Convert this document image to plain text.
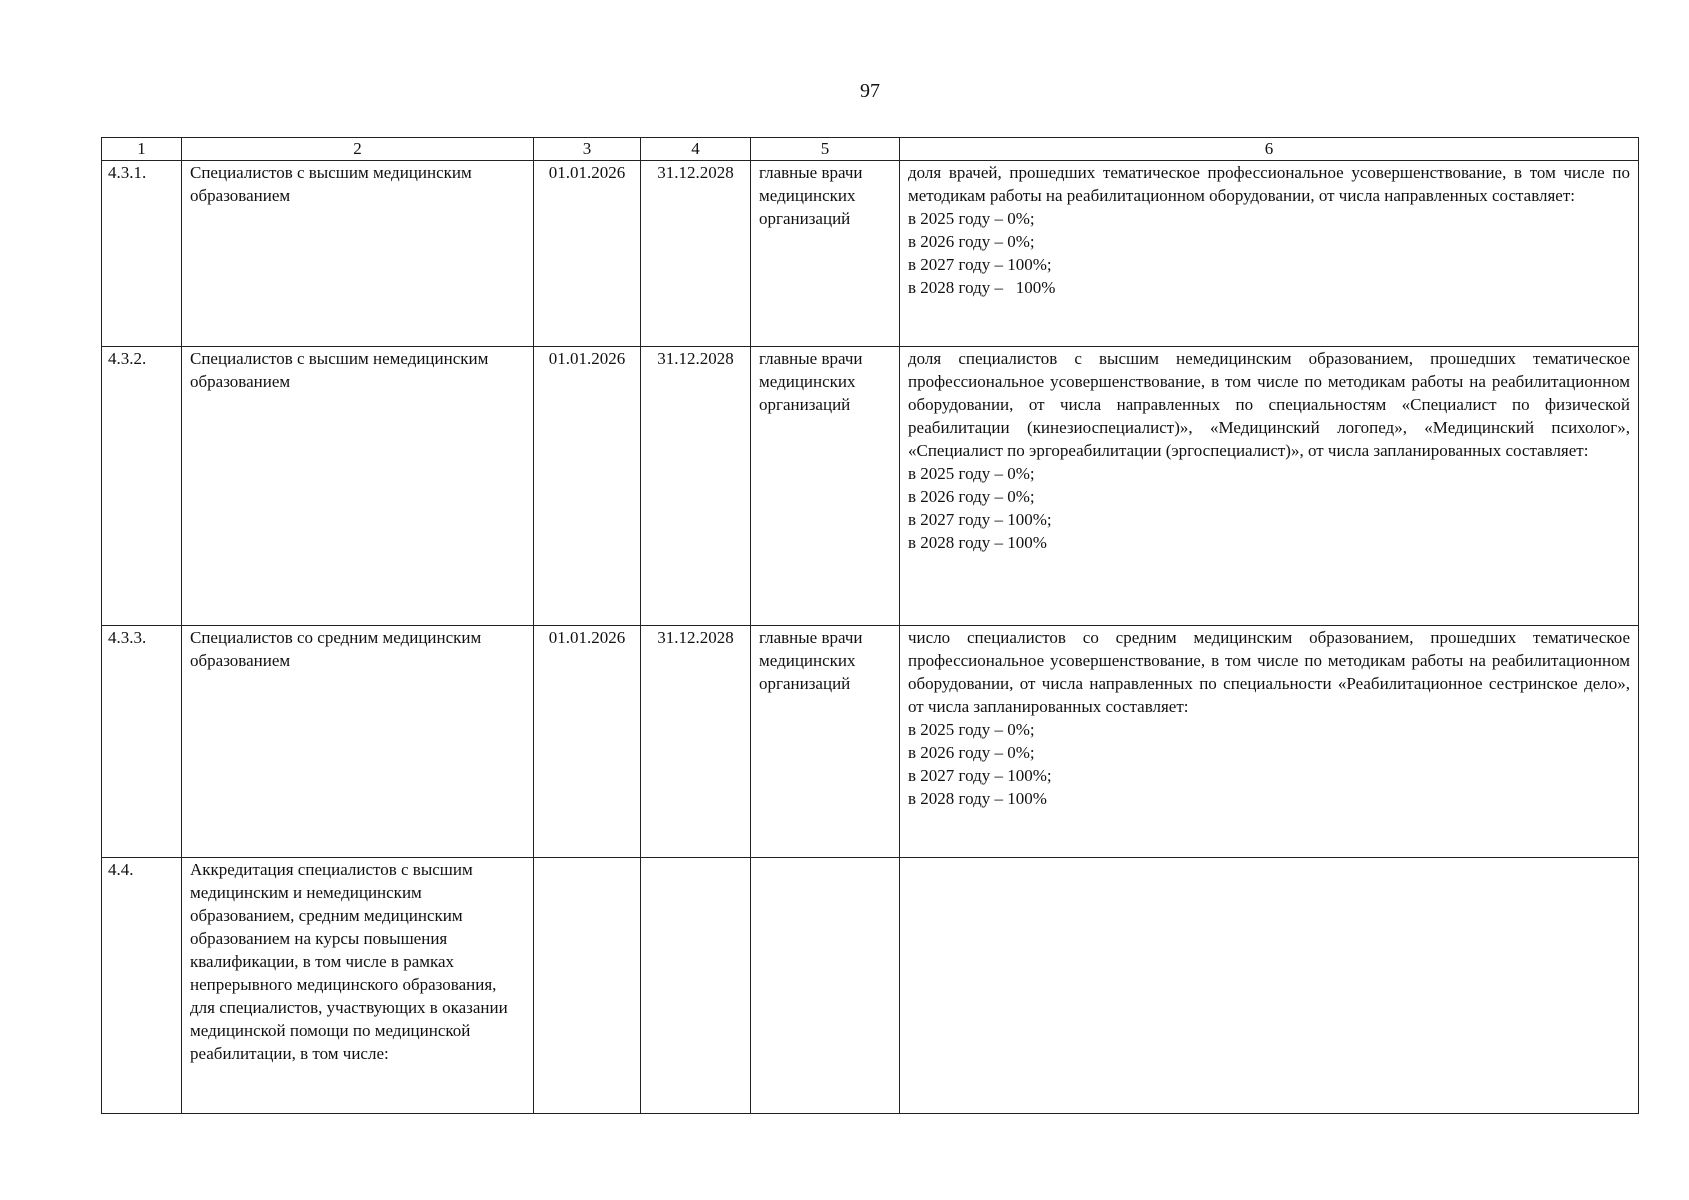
97
1	2	3	4	5	6
4.3.1.	Специалистов с высшим медицинским образованием	01.01.2026	31.12.2028	главные врачи медицинских организаций	доля врачей, прошедших тематическое профессиональное усовершенствование, в том числе по методикам работы на реабилитационном оборудовании, от числа направленных составляет:
в 2025 году – 0%;
в 2026 году – 0%;
в 2027 году – 100%;
в 2028 году –   100%

4.3.2.	Специалистов с высшим немедицинским образованием	01.01.2026	31.12.2028	главные врачи медицинских организаций	доля специалистов с высшим немедицинским образованием, прошедших тематическое профессиональное усовершенствование, в том числе по методикам работы на реабилитационном оборудовании, от числа направленных по специальностям «Специалист по физической реабилитации (кинезиоспециалист)», «Медицинский логопед», «Медицинский психолог», «Специалист по эргореабилитации (эргоспециалист)», от числа запланированных составляет:
в 2025 году – 0%;
в 2026 году – 0%;
в 2027 году – 100%;
в 2028 году – 100%

4.3.3.	Специалистов со средним медицинским образованием	01.01.2026	31.12.2028	главные врачи медицинских организаций	число специалистов со средним медицинским образованием, прошедших тематическое профессиональное усовершенствование, в том числе по методикам работы на реабилитационном оборудовании, от числа направленных по специальности «Реабилитационное сестринское дело», от числа запланированных составляет:
в 2025 году – 0%;
в 2026 году – 0%;
в 2027 году – 100%;
в 2028 году – 100%

4.4.	Аккредитация специалистов с высшим медицинским и немедицинским образованием, средним медицинским образованием на курсы повышения квалификации, в том числе в рамках непрерывного медицинского образования, для специалистов, участвующих в оказании медицинской помощи по медицинской реабилитации, в том числе:				
